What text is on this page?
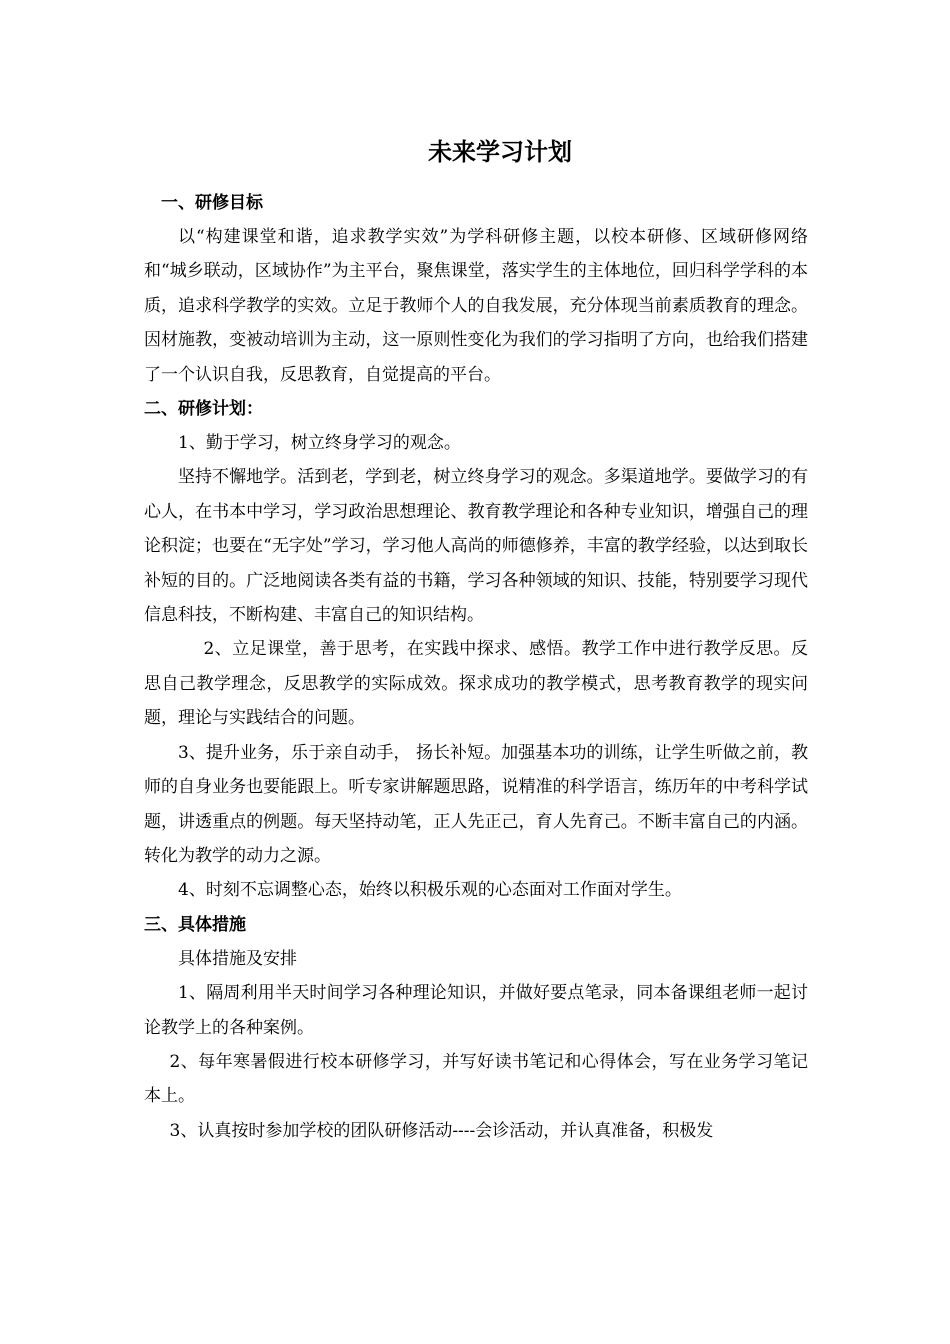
未来学习计划
一、研修目标

以“构建课堂和谐，追求教学实效”为学科研修主题，以校本研修、区域研修网络和“城乡联动，区域协作”为主平台，聚焦课堂，落实学生的主体地位，回归科学学科的本质，追求科学教学的实效。立足于教师个人的自我发展，充分体现当前素质教育的理念。因材施教，变被动培训为主动，这一原则性变化为我们的学习指明了方向，也给我们搭建了一个认识自我，反思教育，自觉提高的平台。

二、研修计划：

1、勤于学习，树立终身学习的观念。

坚持不懈地学。活到老，学到老，树立终身学习的观念。多渠道地学。要做学习的有心人，在书本中学习，学习政治思想理论、教育教学理论和各种专业知识，增强自己的理论积淀；也要在“无字处”学习，学习他人高尚的师德修养，丰富的教学经验，以达到取长补短的目的。广泛地阅读各类有益的书籍，学习各种领域的知识、技能，特别要学习现代信息科技，不断构建、丰富自己的知识结构。

2、立足课堂，善于思考，在实践中探求、感悟。教学工作中进行教学反思。反思自己教学理念，反思教学的实际成效。探求成功的教学模式，思考教育教学的现实问题，理论与实践结合的问题。

3、提升业务，乐于亲自动手， 扬长补短。加强基本功的训练，让学生听做之前，教师的自身业务也要能跟上。听专家讲解题思路，说精准的科学语言，练历年的中考科学试题，讲透重点的例题。每天坚持动笔，正人先正己，育人先育己。不断丰富自己的内涵。转化为教学的动力之源。

4、时刻不忘调整心态，始终以积极乐观的心态面对工作面对学生。

三、具体措施

具体措施及安排

1、隔周利用半天时间学习各种理论知识，并做好要点笔录，同本备课组老师一起讨论教学上的各种案例。

2、每年寒暑假进行校本研修学习，并写好读书笔记和心得体会，写在业务学习笔记本上。

3、认真按时参加学校的团队研修活动----会诊活动，并认真准备，积极发
